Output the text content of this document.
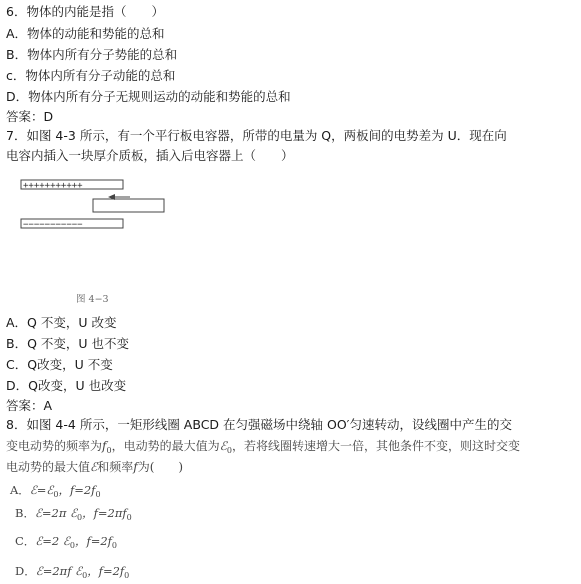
6．物体的内能是指（　　）
A．物体的动能和势能的总和
B．物体内所有分子势能的总和
c．物体内所有分子动能的总和
D．物体内所有分子无规则运动的动能和势能的总和
答案：D
7．如图 4-3 所示，有一个平行板电容器，所带的电量为 Q，两板间的电势差为 U．现在向
电容内插入一块厚介质板，插入后电容器上（　　）
+++++++++++
−−−−−−−−−−−
图 4−3
A．Q 不变，U 改变
B．Q 不变，U 也不变
C．Q改变，U 不变
D．Q改变，U 也改变
答案：A
8．如图 4-4 所示，一矩形线圈 ABCD 在匀强磁场中绕轴 OO′匀速转动，设线圈中产生的交
变电动势的频率为$f_0$，电动势的最大值为ℰ$_0$，若将线圈转速增大一倍，其他条件不变，则这时交变
电动势的最大值ℰ和频率f为(　　)
A．ℰ=ℰ$_0$，$f=2f_0$
B．ℰ=2π ℰ$_0$，$f=2\pi f_0$
C．ℰ=2 ℰ$_0$，$f=2f_0$
D．ℰ=2πf ℰ$_0$，$f=2f_0$
